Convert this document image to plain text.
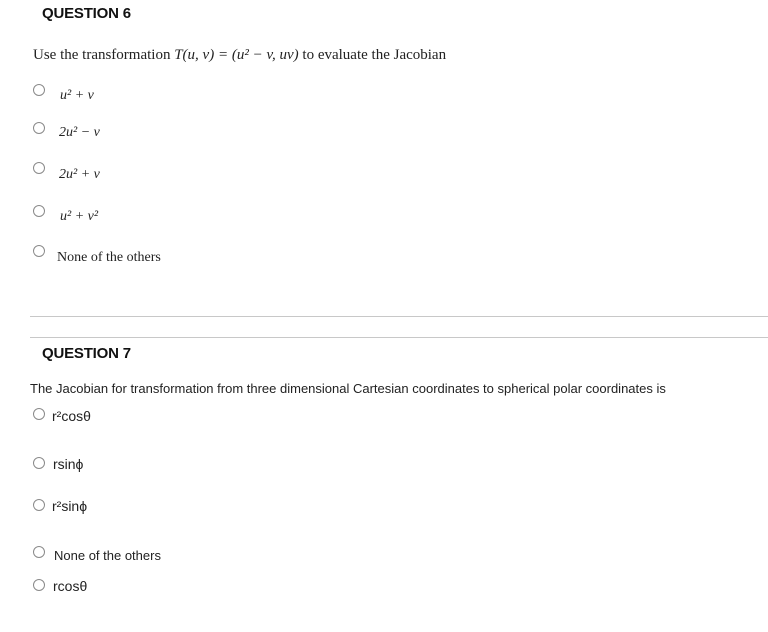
QUESTION 6
Use the transformation T(u, v) = (u² − v, uv) to evaluate the Jacobian
u² + v
2u² − v
2u² + v
u² + v²
None of the others
QUESTION 7
The Jacobian for transformation from three dimensional Cartesian coordinates to spherical polar coordinates is
r²cosθ
rsinϕ
r²sinϕ
None of the others
rcosθ
